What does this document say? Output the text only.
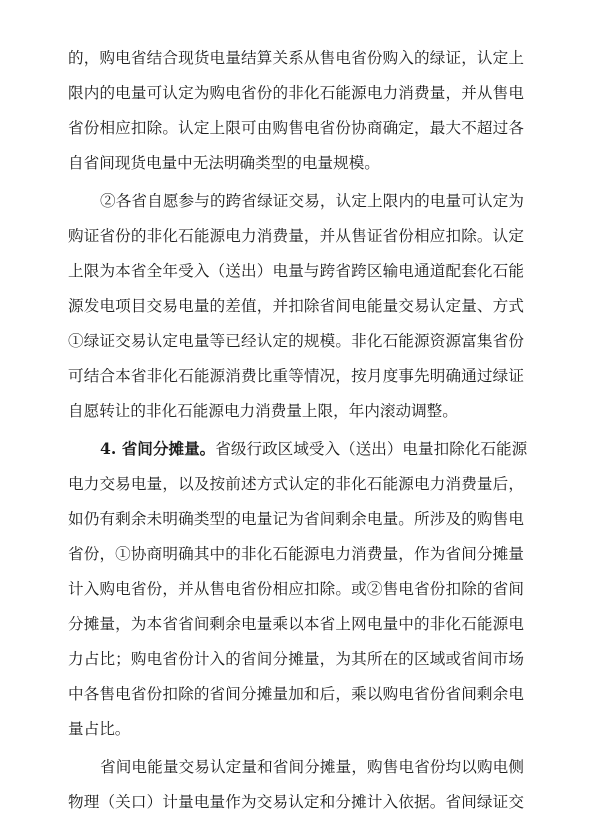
的，购电省结合现货电量结算关系从售电省份购入的绿证，认定上
限内的电量可认定为购电省份的非化石能源电力消费量，并从售电
省份相应扣除。认定上限可由购售电省份协商确定，最大不超过各
自省间现货电量中无法明确类型的电量规模。
②各省自愿参与的跨省绿证交易，认定上限内的电量可认定为
购证省份的非化石能源电力消费量，并从售证省份相应扣除。认定
上限为本省全年受入（送出）电量与跨省跨区输电通道配套化石能
源发电项目交易电量的差值，并扣除省间电能量交易认定量、方式
①绿证交易认定电量等已经认定的规模。非化石能源资源富集省份
可结合本省非化石能源消费比重等情况，按月度事先明确通过绿证
自愿转让的非化石能源电力消费量上限，年内滚动调整。
4. 省间分摊量。省级行政区域受入（送出）电量扣除化石能源
电力交易电量，以及按前述方式认定的非化石能源电力消费量后，
如仍有剩余未明确类型的电量记为省间剩余电量。所涉及的购售电
省份，①协商明确其中的非化石能源电力消费量，作为省间分摊量
计入购电省份，并从售电省份相应扣除。或②售电省份扣除的省间
分摊量，为本省省间剩余电量乘以本省上网电量中的非化石能源电
力占比；购电省份计入的省间分摊量，为其所在的区域或省间市场
中各售电省份扣除的省间分摊量加和后，乘以购电省份省间剩余电
量占比。
省间电能量交易认定量和省间分摊量，购售电省份均以购电侧
物理（关口）计量电量作为交易认定和分摊计入依据。省间绿证交
